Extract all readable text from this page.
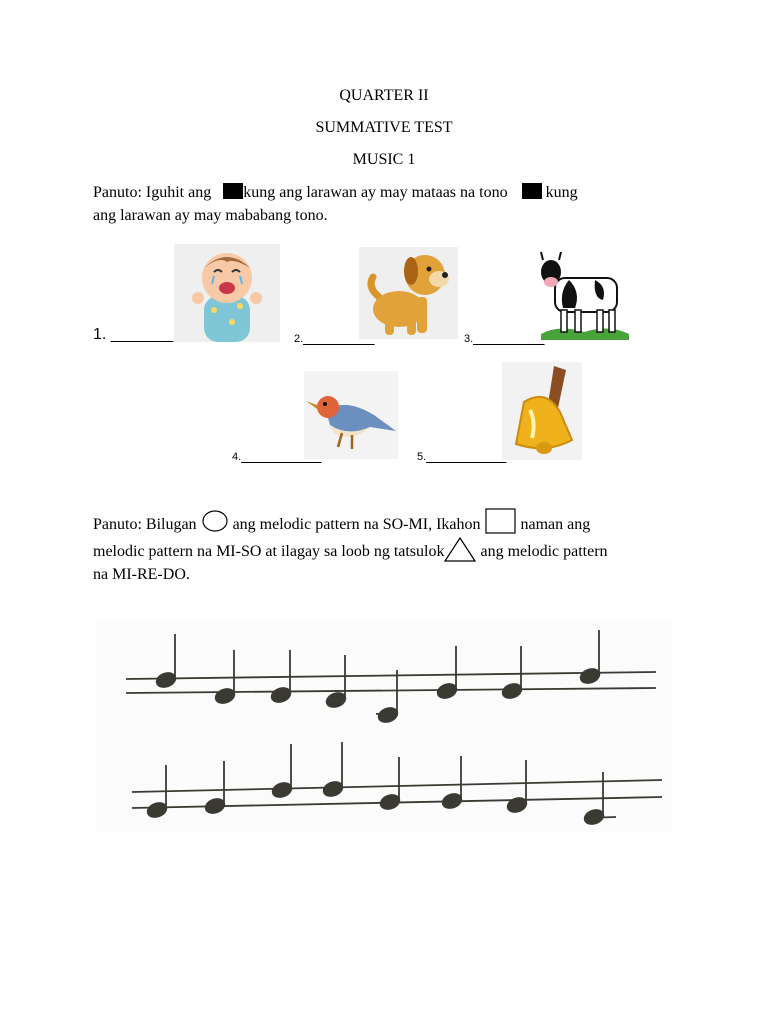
QUARTER II
SUMMATIVE TEST
MUSIC 1
Panuto: Iguhit ang kung ang larawan ay may mataas na tono kung
ang larawan ay may mababang tono.
1. _______	2.________	3.________
4._________	5._________
Panuto: Bilugan ang melodic pattern na SO-MI, Ikahon	naman ang
melodic pattern na MI-SO at ilagay sa loob ng tatsulok ang melodic pattern
na MI-RE-DO.
